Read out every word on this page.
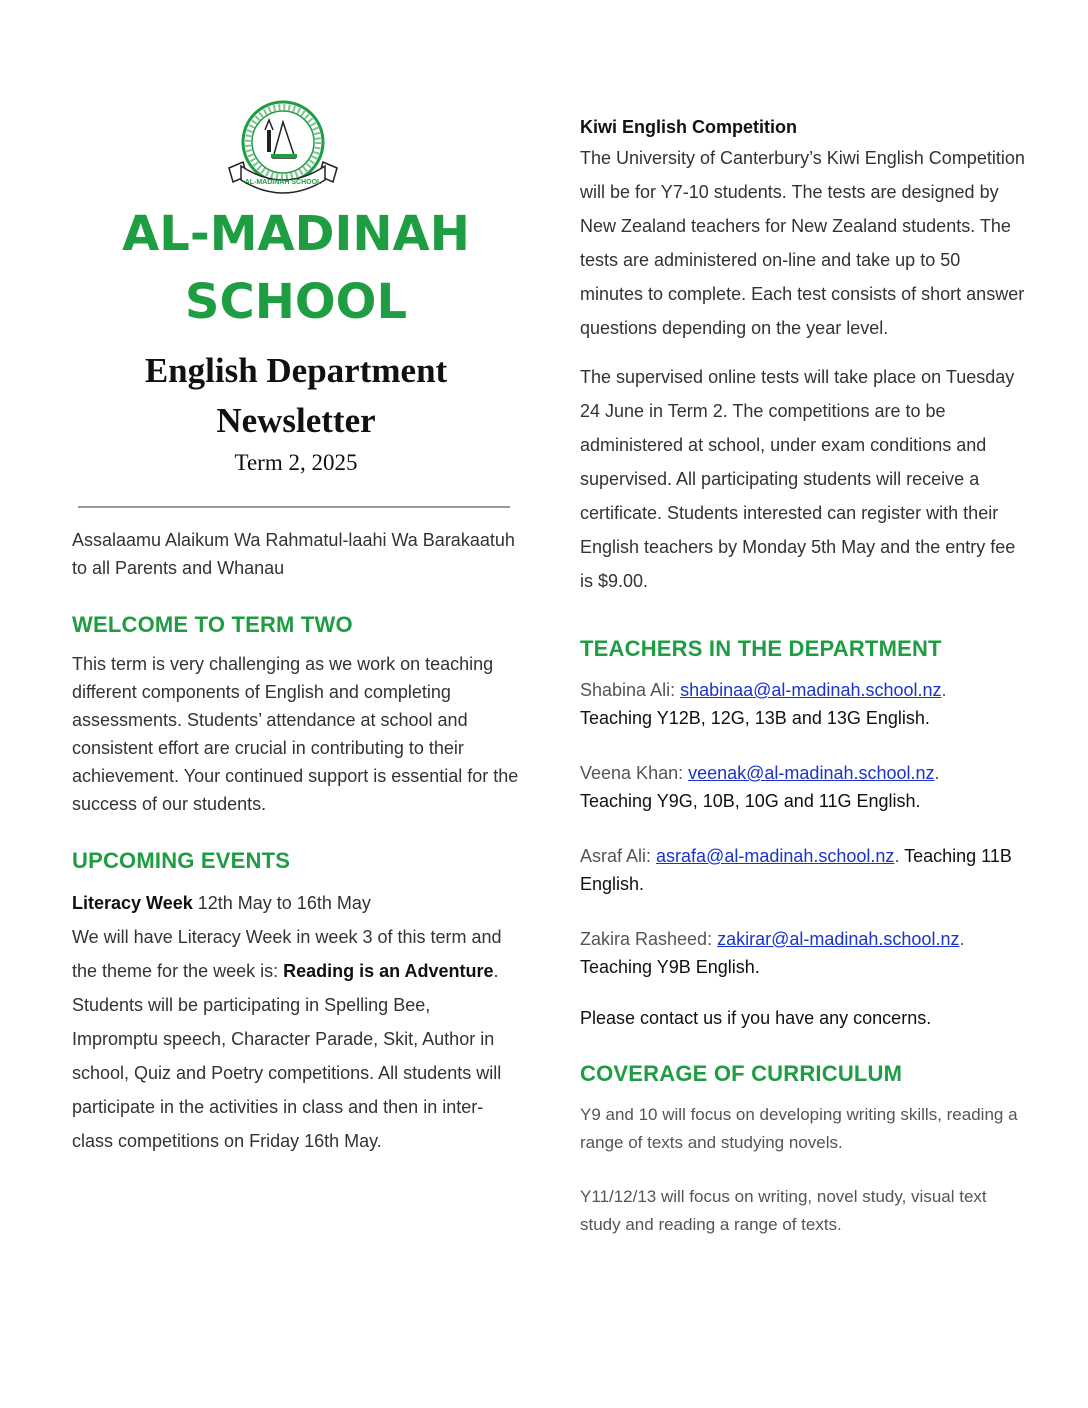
AL-MADINAH SCHOOL
AL-MADINAH
SCHOOL
English Department
Newsletter

Term 2, 2025

Assalaamu Alaikum Wa Rahmatul-laahi Wa Barakaatuh to all Parents and Whanau

WELCOME TO TERM TWO

This term is very challenging as we work on teaching different components of English and completing assessments. Students’ attendance at school and consistent effort are crucial in contributing to their achievement. Your continued support is essential for the success of our students.

UPCOMING EVENTS

Literacy Week 12th May to 16th May

We will have Literacy Week in week 3 of this term and the theme for the week is: Reading is an Adventure. Students will be participating in Spelling Bee, Impromptu speech, Character Parade, Skit, Author in school, Quiz and Poetry competitions. All students will participate in the activities in class and then in inter-class competitions on Friday 16th May.

Kiwi English Competition

The University of Canterbury’s Kiwi English Competition will be for Y7-10 students. The tests are designed by New Zealand teachers for New Zealand students. The tests are administered on-line and take up to 50 minutes to complete. Each test consists of short answer questions depending on the year level.

The supervised online tests will take place on Tuesday 24 June in Term 2. The competitions are to be administered at school, under exam conditions and supervised. All participating students will receive a certificate. Students interested can register with their English teachers by Monday 5th May and the entry fee is $9.00.

TEACHERS IN THE DEPARTMENT

Shabina Ali: shabinaa@al-madinah.school.nz.
Teaching Y12B, 12G, 13B and 13G English.

Veena Khan: veenak@al-madinah.school.nz.
Teaching Y9G, 10B, 10G and 11G English.

Asraf Ali: asrafa@al-madinah.school.nz. Teaching 11B English.

Zakira Rasheed: zakirar@al-madinah.school.nz.
Teaching Y9B English.

Please contact us if you have any concerns.

COVERAGE OF CURRICULUM

Y9 and 10 will focus on developing writing skills, reading a range of texts and studying novels.

Y11/12/13 will focus on writing, novel study, visual text study and reading a range of texts.
